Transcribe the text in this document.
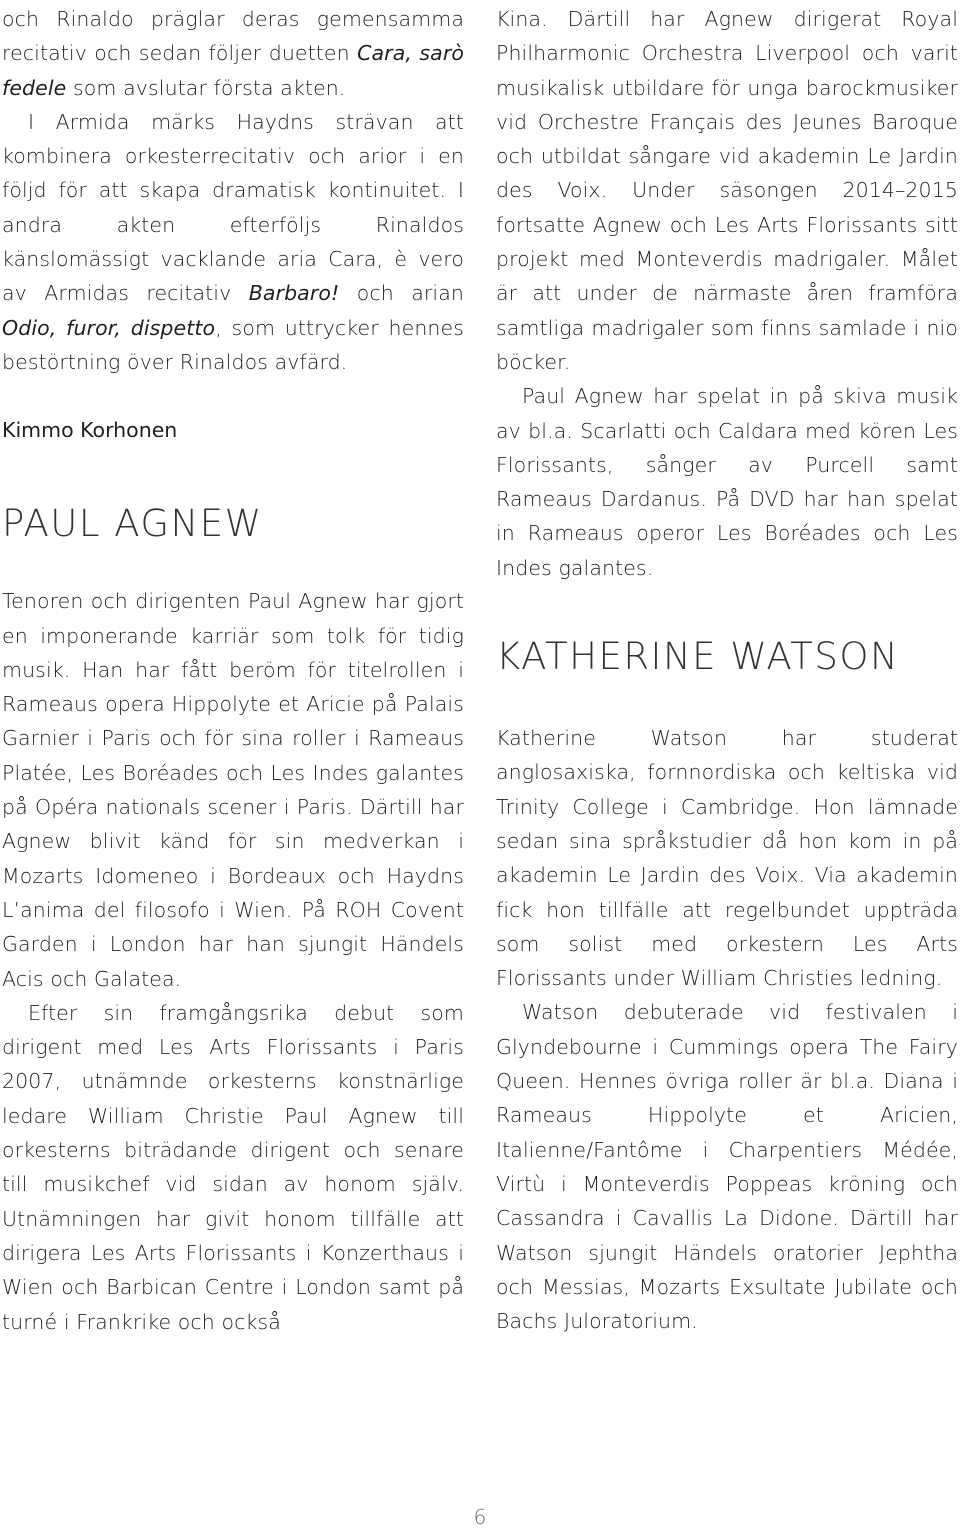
och Rinaldo präglar deras gemensamma recitativ och sedan följer duetten Cara, sarò fedele som avslutar första akten.

I Armida märks Haydns strävan att kombinera orkesterrecitativ och arior i en följd för att skapa dramatisk kontinuitet. I andra akten efterföljs Rinaldos känslomässigt vacklande aria Cara, è vero av Armidas recitativ Barbaro! och arian Odio, furor, dispetto, som uttrycker hennes bestörtning över Rinaldos avfärd.

Kimmo Korhonen
PAUL AGNEW

Tenoren och dirigenten Paul Agnew har gjort en imponerande karriär som tolk för tidig musik. Han har fått beröm för titelrollen i Rameaus opera Hippolyte et Aricie på Palais Garnier i Paris och för sina roller i Rameaus Platée, Les Boréades och Les Indes galantes på Opéra nationals scener i Paris. Därtill har Agnew blivit känd för sin medverkan i Mozarts Idomeneo i Bordeaux och Haydns L’anima del filosofo i Wien. På ROH Covent Garden i London har han sjungit Händels Acis och Galatea.

Efter sin framgångsrika debut som dirigent med Les Arts Florissants i Paris 2007, utnämnde orkesterns konstnärlige ledare William Christie Paul Agnew till orkesterns biträdande dirigent och senare till musikchef vid sidan av honom själv. Utnämningen har givit honom tillfälle att dirigera Les Arts Florissants i Konzerthaus i Wien och Barbican Centre i London samt på turné i Frankrike och också

Kina. Därtill har Agnew dirigerat Royal Philharmonic Orchestra Liverpool och varit musikalisk utbildare för unga barockmusiker vid Orchestre Français des Jeunes Baroque och utbildat sångare vid akademin Le Jardin des Voix. Under säsongen 2014–2015 fortsatte Agnew och Les Arts Florissants sitt projekt med Monteverdis madrigaler. Målet är att under de närmaste åren framföra samtliga madrigaler som finns samlade i nio böcker.

Paul Agnew har spelat in på skiva musik av bl.a. Scarlatti och Caldara med kören Les Florissants, sånger av Purcell samt Rameaus Dardanus. På DVD har han spelat in Rameaus operor Les Boréades och Les Indes galantes.

KATHERINE WATSON

Katherine Watson har studerat anglosaxiska, fornnordiska och keltiska vid Trinity College i Cambridge. Hon lämnade sedan sina språkstudier då hon kom in på akademin Le Jardin des Voix. Via akademin fick hon tillfälle att regelbundet uppträda som solist med orkestern Les Arts Florissants under William Christies ledning.

Watson debuterade vid festivalen i Glyndebourne i Cummings opera The Fairy Queen. Hennes övriga roller är bl.a. Diana i Rameaus Hippolyte et Aricien, Italienne/Fantôme i Charpentiers Médée, Virtù i Monteverdis Poppeas kröning och Cassandra i Cavallis La Didone. Därtill har Watson sjungit Händels oratorier Jephtha och Messias, Mozarts Exsultate Jubilate och Bachs Juloratorium.

6
